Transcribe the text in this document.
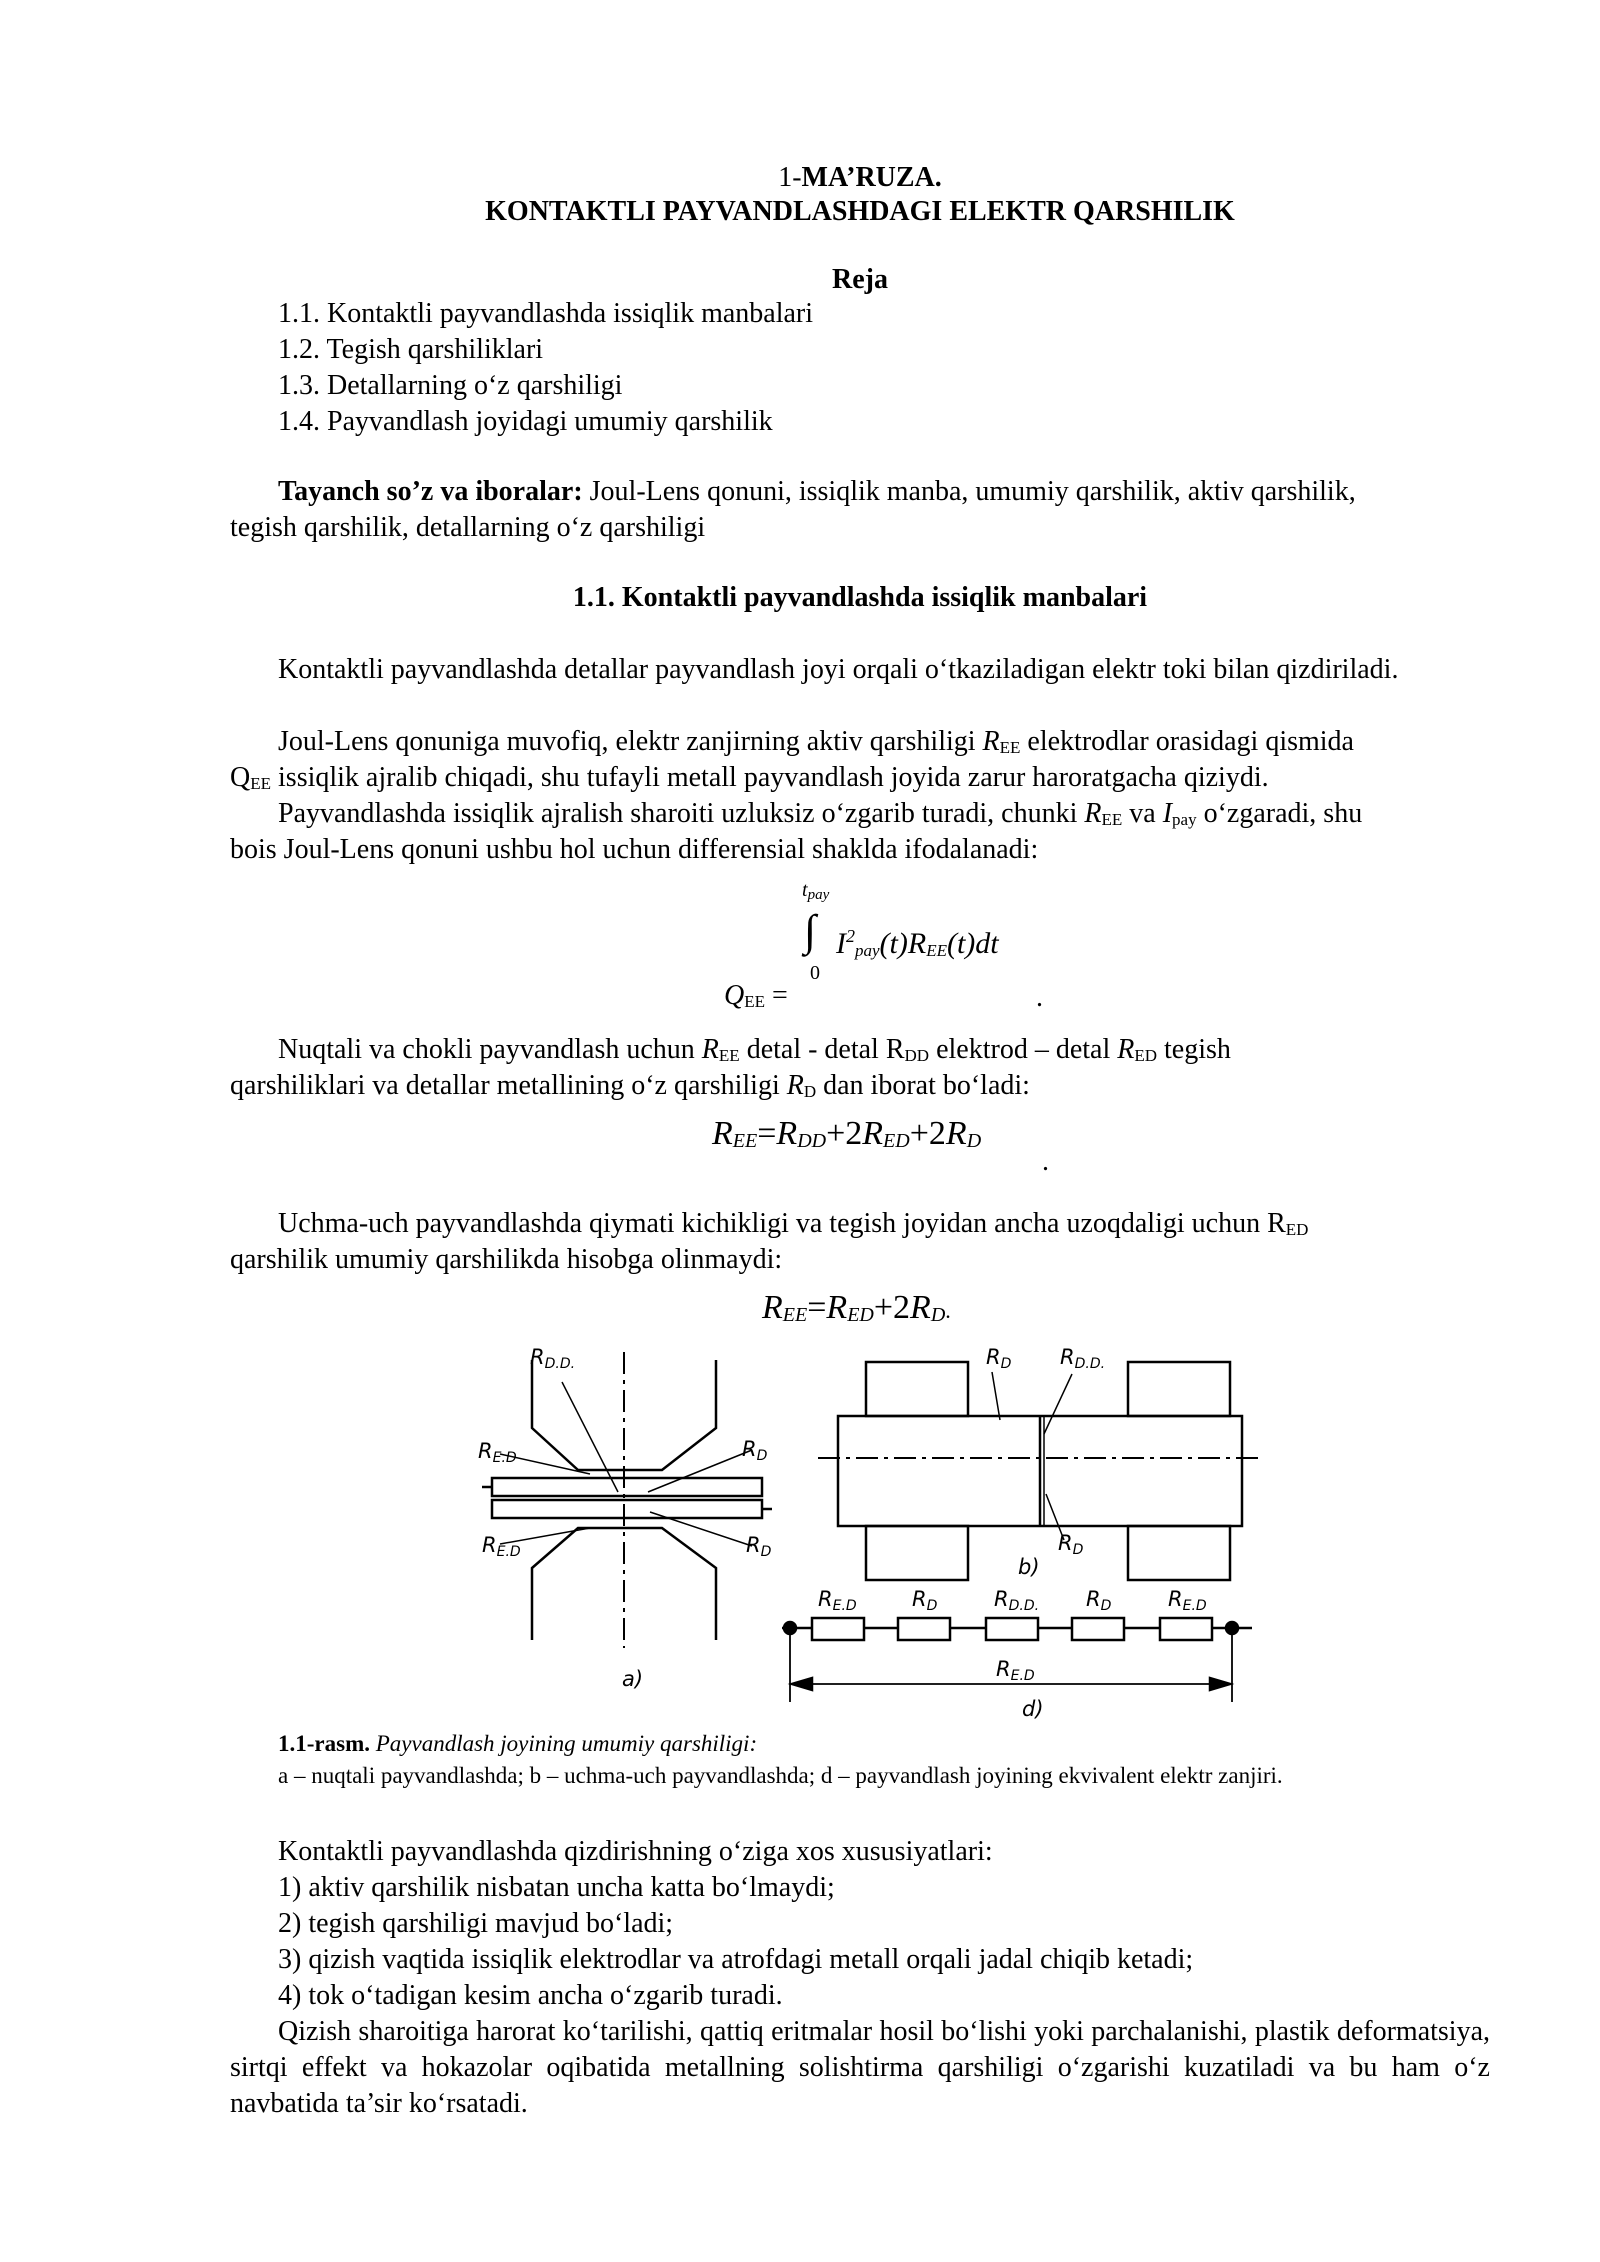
1-MA’RUZA.
KONTAKTLI PAYVANDLASHDAGI ELEKTR QARSHILIK
Reja
1.1. Kontaktli payvandlashda issiqlik manbalari
1.2. Tegish qarshiliklari
1.3. Detallarning o‘z qarshiligi
1.4. Payvandlash joyidagi umumiy qarshilik
Tayanch so’z va iboralar: Joul-Lens qonuni, issiqlik manba, umumiy qarshilik, aktiv qarshilik,
tegish qarshilik, detallarning o‘z qarshiligi
1.1. Kontaktli payvandlashda issiqlik manbalari
Kontaktli payvandlashda detallar payvandlash joyi orqali o‘tkaziladigan elektr toki bilan qizdiriladi.
Joul-Lens qonuniga muvofiq, elektr zanjirning aktiv qarshiligi $R_{EE}$ elektrodlar orasidagi qismida
$Q_{EE}$ issiqlik ajralib chiqadi, shu tufayli metall payvandlash joyida zarur haroratgacha qiziydi.
Payvandlashda issiqlik ajralish sharoiti uzluksiz o‘zgarib turadi, chunki $R_{EE}$ va $I_{pay}$ o‘zgaradi, shu
bois Joul-Lens qonuni ushbu hol uchun differensial shaklda ifodalanadi:
$t_{pay}$
∫ $I^2_{pay}(t)R_{EE}(t)dt$
0
$Q_{EE}$ =	.
Nuqtali va chokli payvandlash uchun $R_{EE}$ detal - detal $R_{DD}$ elektrod – detal $R_{ED}$ tegish
qarshiliklari va detallar metallining o‘z qarshiligi $R_D$ dan iborat bo‘ladi:
$R_{EE}=R_{DD}+2R_{ED}+2R_D$
.
Uchma-uch payvandlashda qiymati kichikligi va tegish joyidan ancha uzoqdaligi uchun $R_{ED}$
qarshilik umumiy qarshilikda hisobga olinmaydi:
$R_{EE}=R_{ED}+2R_D$.
RD.D.
RE.D	RD
RE.D	RD
a)
RD RD.D.
RD
b)
RE.D	RD	RD.D. RD	RE.D
RE.D
d)
1.1-rasm. Payvandlash joyining umumiy qarshiligi:
a – nuqtali payvandlashda; b – uchma-uch payvandlashda; d – payvandlash joyining ekvivalent elektr zanjiri.
Kontaktli payvandlashda qizdirishning o‘ziga xos xususiyatlari:
1) aktiv qarshilik nisbatan uncha katta bo‘lmaydi;
2) tegish qarshiligi mavjud bo‘ladi;
3) qizish vaqtida issiqlik elektrodlar va atrofdagi metall orqali jadal chiqib ketadi;
4) tok o‘tadigan kesim ancha o‘zgarib turadi.
Qizish sharoitiga harorat ko‘tarilishi, qattiq eritmalar hosil bo‘lishi yoki parchalanishi, plastik deformatsiya, sirtqi effekt va hokazolar oqibatida metallning solishtirma qarshiligi o‘zgarishi kuzatiladi va bu ham o‘z navbatida ta’sir ko‘rsatadi.
